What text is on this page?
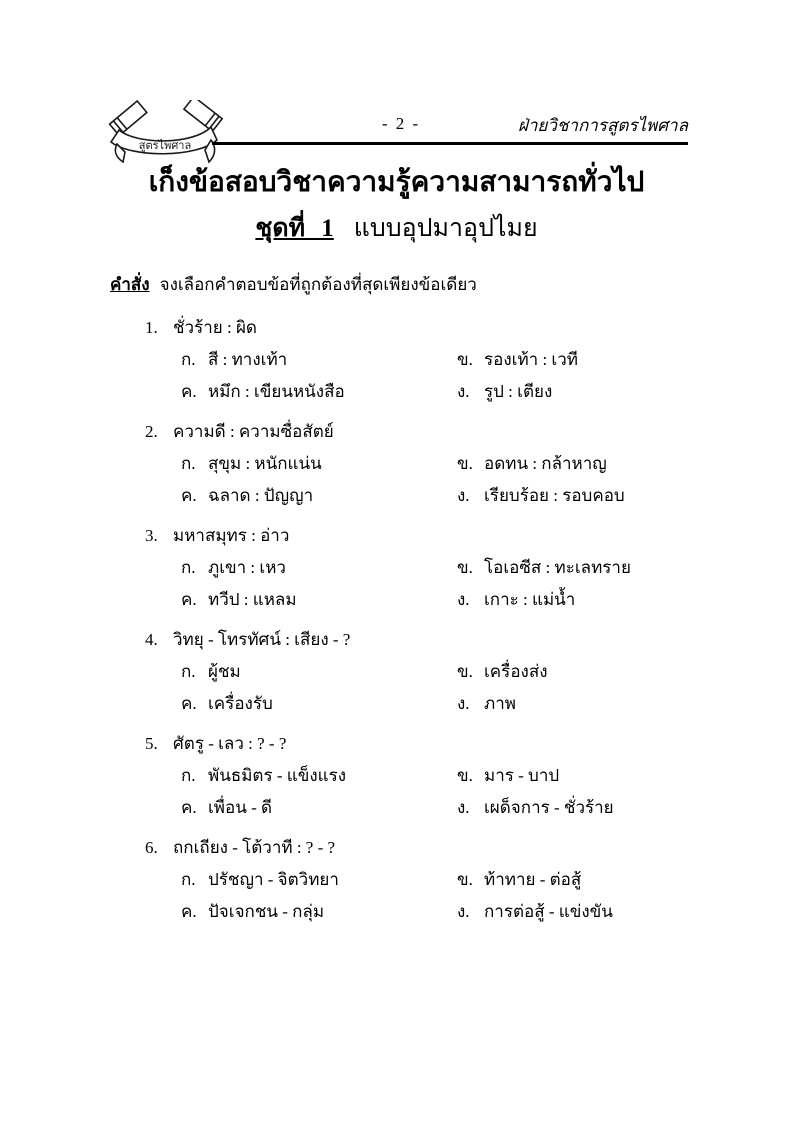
สูตรไพศาล
- 2 -	ฝ่ายวิชาการสูตรไพศาล
เก็งข้อสอบวิชาความรู้ความสามารถทั่วไป
ชุดที่ 1 แบบอุปมาอุปไมย
คำสั่ง จงเลือกคำตอบข้อที่ถูกต้องที่สุดเพียงข้อเดียว
1. ชั่วร้าย : ผิด
ก. สี : ทางเท้า	ข. รองเท้า : เวที
ค. หมึก : เขียนหนังสือ	ง. รูป : เตียง
2. ความดี : ความซื่อสัตย์
ก. สุขุม : หนักแน่น	ข. อดทน : กล้าหาญ
ค. ฉลาด : ปัญญา	ง. เรียบร้อย : รอบคอบ
3. มหาสมุทร : อ่าว
ก. ภูเขา : เหว	ข. โอเอซีส : ทะเลทราย
ค. ทวีป : แหลม	ง. เกาะ : แม่น้ำ
4. วิทยุ - โทรทัศน์ : เสียง - ?
ก. ผู้ชม	ข. เครื่องส่ง
ค. เครื่องรับ	ง. ภาพ
5. ศัตรู - เลว : ? - ?
ก. พันธมิตร - แข็งแรง	ข. มาร - บาป
ค. เพื่อน - ดี	ง. เผด็จการ - ชั่วร้าย
6. ถกเถียง - โต้วาที : ? - ?
ก. ปรัชญา - จิตวิทยา	ข. ท้าทาย - ต่อสู้
ค. ปัจเจกชน - กลุ่ม	ง. การต่อสู้ - แข่งขัน
